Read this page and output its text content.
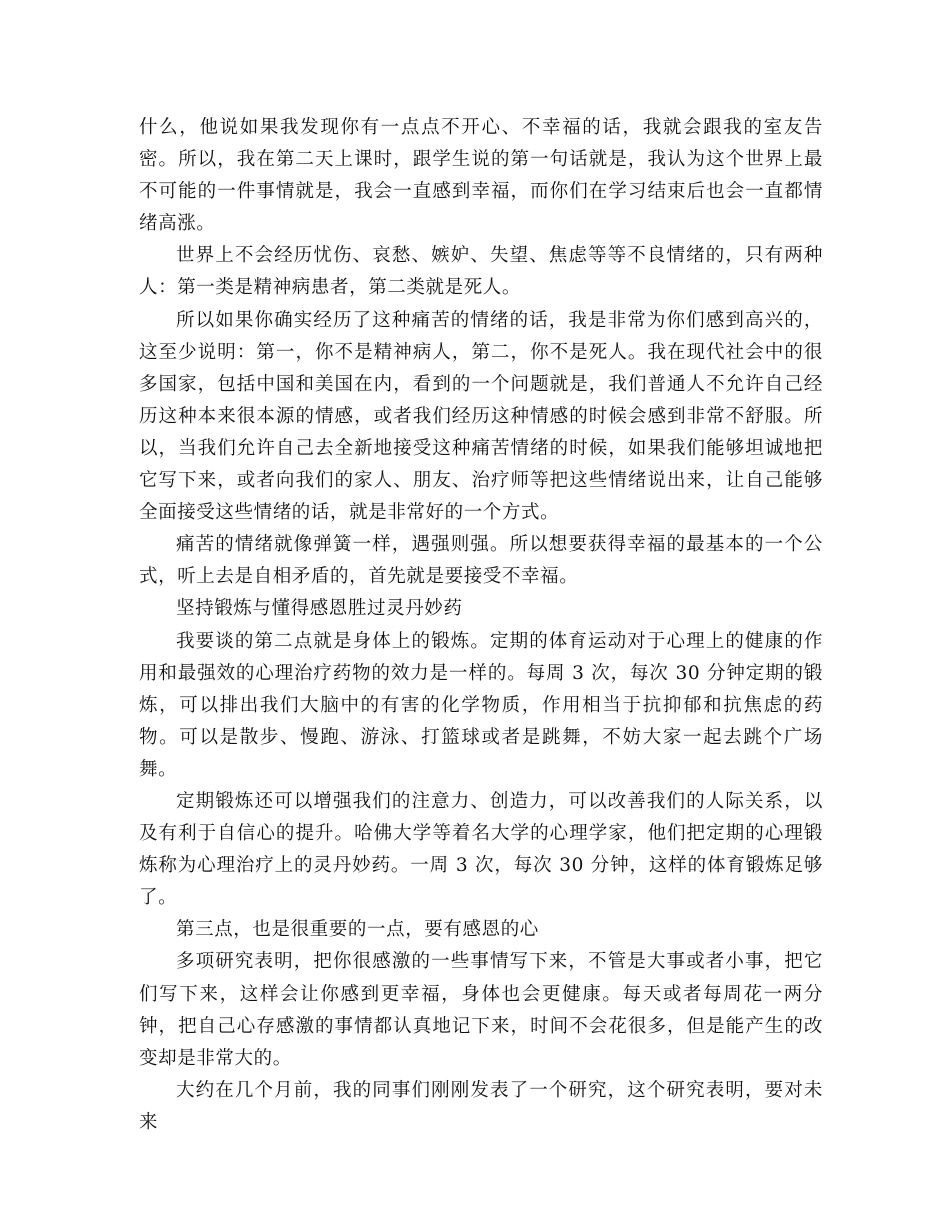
什么，他说如果我发现你有一点点不开心、不幸福的话，我就会跟我的室友告密。所以，我在第二天上课时，跟学生说的第一句话就是，我认为这个世界上最不可能的一件事情就是，我会一直感到幸福，而你们在学习结束后也会一直都情绪高涨。

世界上不会经历忧伤、哀愁、嫉妒、失望、焦虑等等不良情绪的，只有两种人：第一类是精神病患者，第二类就是死人。

所以如果你确实经历了这种痛苦的情绪的话，我是非常为你们感到高兴的，这至少说明：第一，你不是精神病人，第二，你不是死人。我在现代社会中的很多国家，包括中国和美国在内，看到的一个问题就是，我们普通人不允许自己经历这种本来很本源的情感，或者我们经历这种情感的时候会感到非常不舒服。所以，当我们允许自己去全新地接受这种痛苦情绪的时候，如果我们能够坦诚地把它写下来，或者向我们的家人、朋友、治疗师等把这些情绪说出来，让自己能够全面接受这些情绪的话，就是非常好的一个方式。

痛苦的情绪就像弹簧一样，遇强则强。所以想要获得幸福的最基本的一个公式，听上去是自相矛盾的，首先就是要接受不幸福。

坚持锻炼与懂得感恩胜过灵丹妙药

我要谈的第二点就是身体上的锻炼。定期的体育运动对于心理上的健康的作用和最强效的心理治疗药物的效力是一样的。每周 3 次，每次 30 分钟定期的锻炼，可以排出我们大脑中的有害的化学物质，作用相当于抗抑郁和抗焦虑的药物。可以是散步、慢跑、游泳、打篮球或者是跳舞，不妨大家一起去跳个广场舞。

定期锻炼还可以增强我们的注意力、创造力，可以改善我们的人际关系，以及有利于自信心的提升。哈佛大学等着名大学的心理学家，他们把定期的心理锻炼称为心理治疗上的灵丹妙药。一周 3 次，每次 30 分钟，这样的体育锻炼足够了。

第三点，也是很重要的一点，要有感恩的心

多项研究表明，把你很感激的一些事情写下来，不管是大事或者小事，把它们写下来，这样会让你感到更幸福，身体也会更健康。每天或者每周花一两分钟，把自己心存感激的事情都认真地记下来，时间不会花很多，但是能产生的改变却是非常大的。

大约在几个月前，我的同事们刚刚发表了一个研究，这个研究表明，要对未来
